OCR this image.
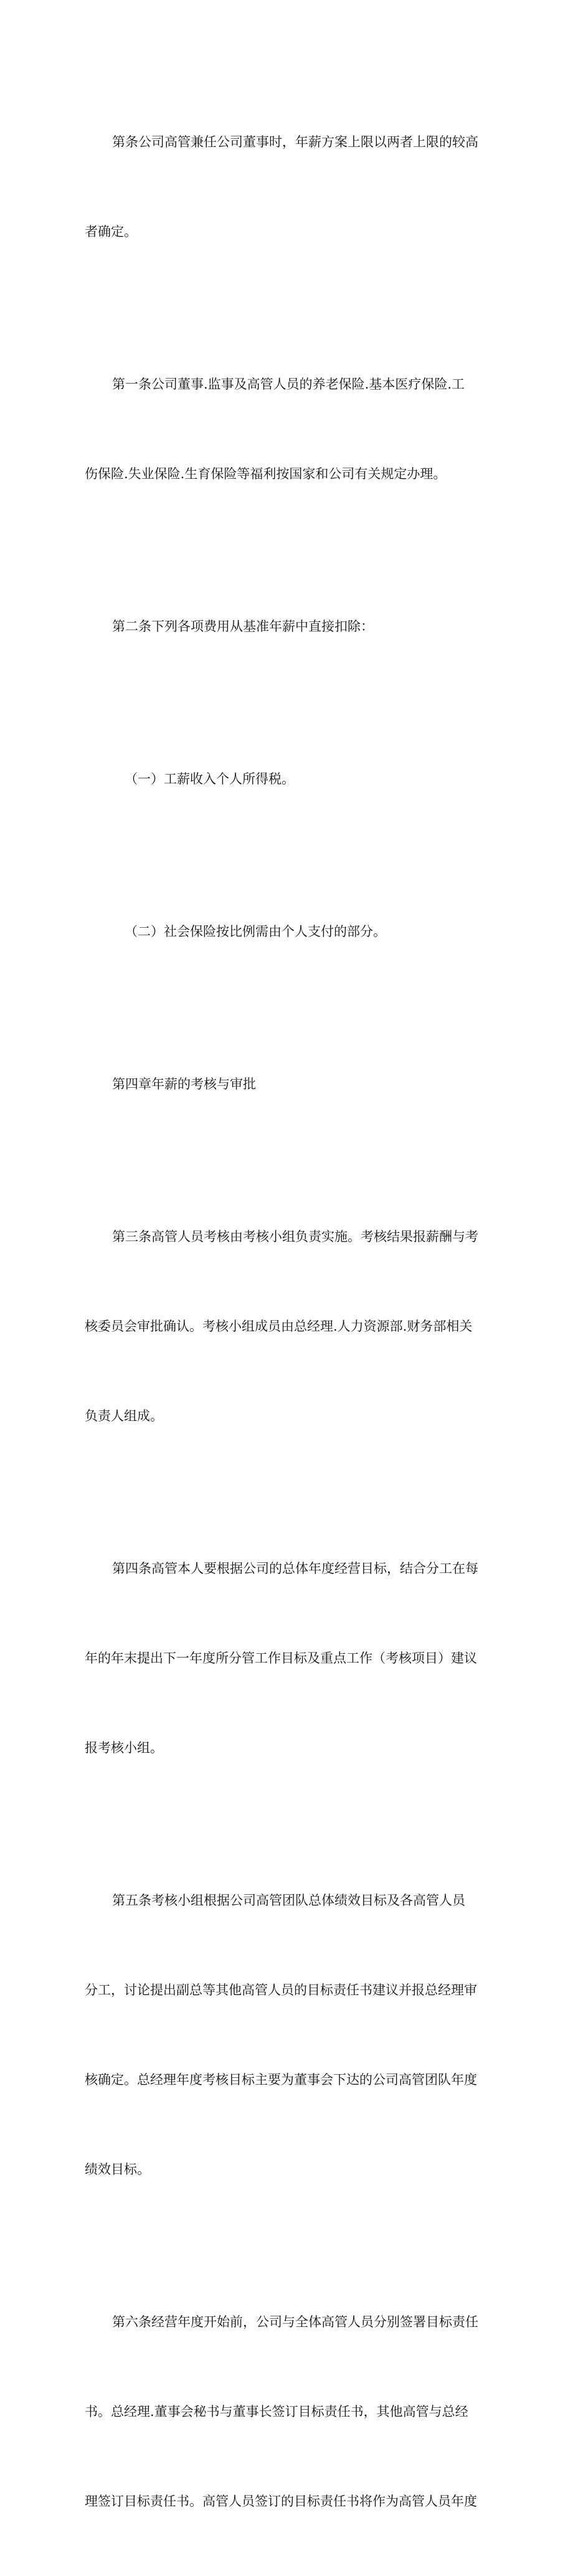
第条公司高管兼任公司董事时，年薪方案上限以两者上限的较高

者确定。

第一条公司董事.监事及高管人员的养老保险.基本医疗保险.工

伤保险.失业保险.生育保险等福利按国家和公司有关规定办理。

第二条下列各项费用从基准年薪中直接扣除：

（一）工薪收入个人所得税。

（二）社会保险按比例需由个人支付的部分。

第四章年薪的考核与审批

第三条高管人员考核由考核小组负责实施。考核结果报薪酬与考

核委员会审批确认。考核小组成员由总经理.人力资源部.财务部相关

负责人组成。

第四条高管本人要根据公司的总体年度经营目标，结合分工在每

年的年末提出下一年度所分管工作目标及重点工作（考核项目）建议

报考核小组。

第五条考核小组根据公司高管团队总体绩效目标及各高管人员

分工，讨论提出副总等其他高管人员的目标责任书建议并报总经理审

核确定。总经理年度考核目标主要为董事会下达的公司高管团队年度

绩效目标。

第六条经营年度开始前，公司与全体高管人员分别签署目标责任

书。总经理.董事会秘书与董事长签订目标责任书，其他高管与总经

理签订目标责任书。高管人员签订的目标责任书将作为高管人员年度
